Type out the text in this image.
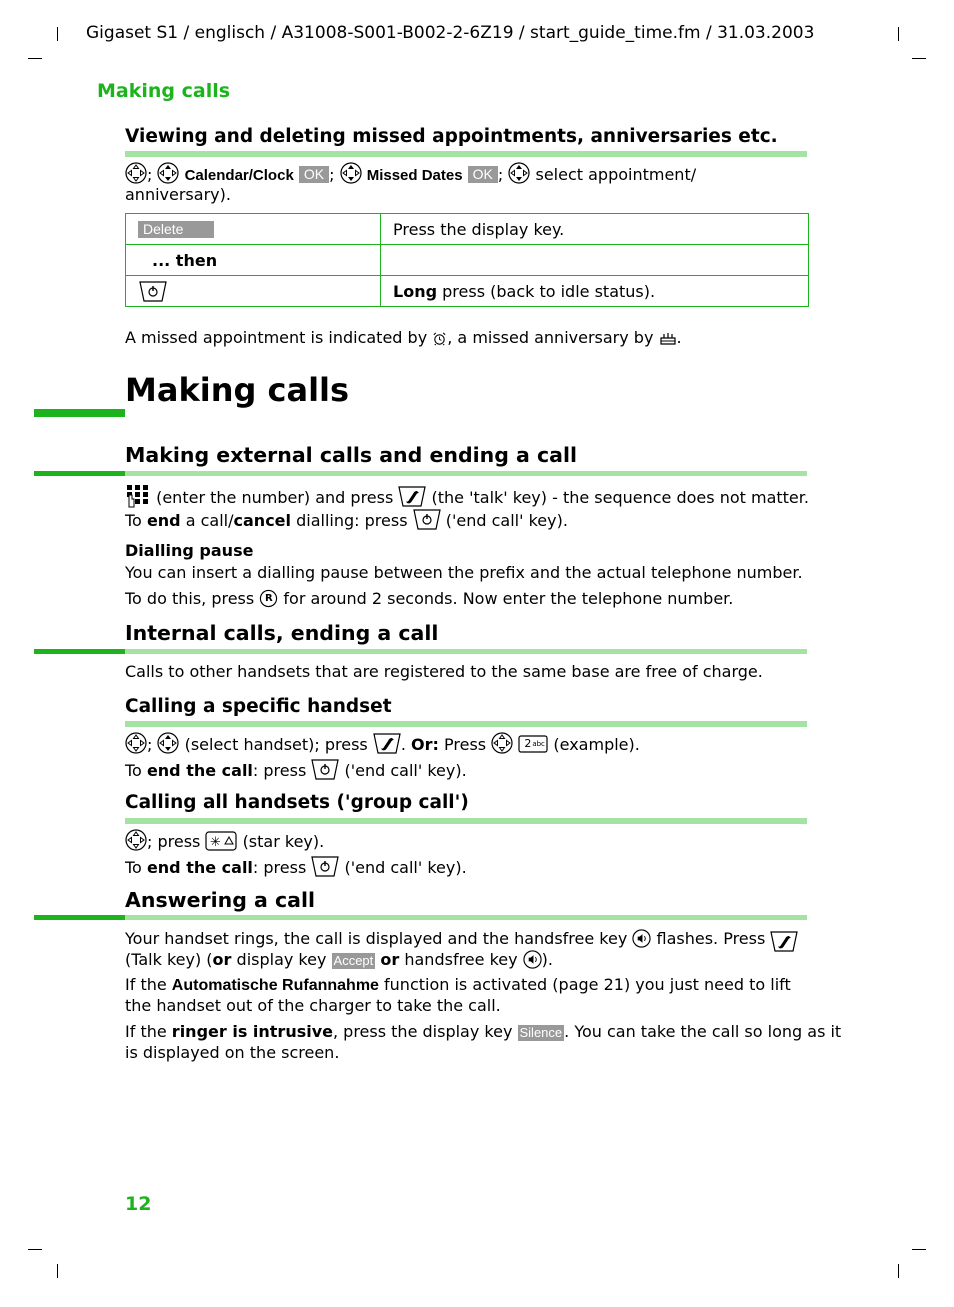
Gigaset S1 / englisch / A31008-S001-B002-2-6Z19 / start_guide_time.fm / 31.03.2003
Making calls
Viewing and deleting missed appointments, anniversaries etc.
; Calendar/Clock OK ; Missed Dates OK ; select appointment/
anniversary).
Delete	Press the display key.
... then	
	Long press (back to idle status).
A missed appointment is indicated by , a missed anniversary by .
Making calls
Making external calls and ending a call
(enter the number) and press (the 'talk' key) - the sequence does not matter.
To end a call/cancel dialling: press ('end call' key).
Dialling pause
You can insert a dialling pause between the prefix and the actual telephone number.
To do this, press	R for around 2 seconds. Now enter the telephone number.
Internal calls, ending a call
Calls to other handsets that are registered to the same base are free of charge.
Calling a specific handset
;  (select handset); press . Or: Press	2 abc (example).
To end the call: press ('end call' key).
Calling all handsets ('group call')
; press	(star key).
To end the call: press ('end call' key).
Answering a call
Your handset rings, the call is displayed and the handsfree key flashes. Press
(Talk key) (or display key Accept or handsfree key ).
If the Automatische Rufannahme function is activated (page 21) you just need to lift
the handset out of the charger to take the call.
If the ringer is intrusive, press the display key Silence . You can take the call so long as it
is displayed on the screen.
12
